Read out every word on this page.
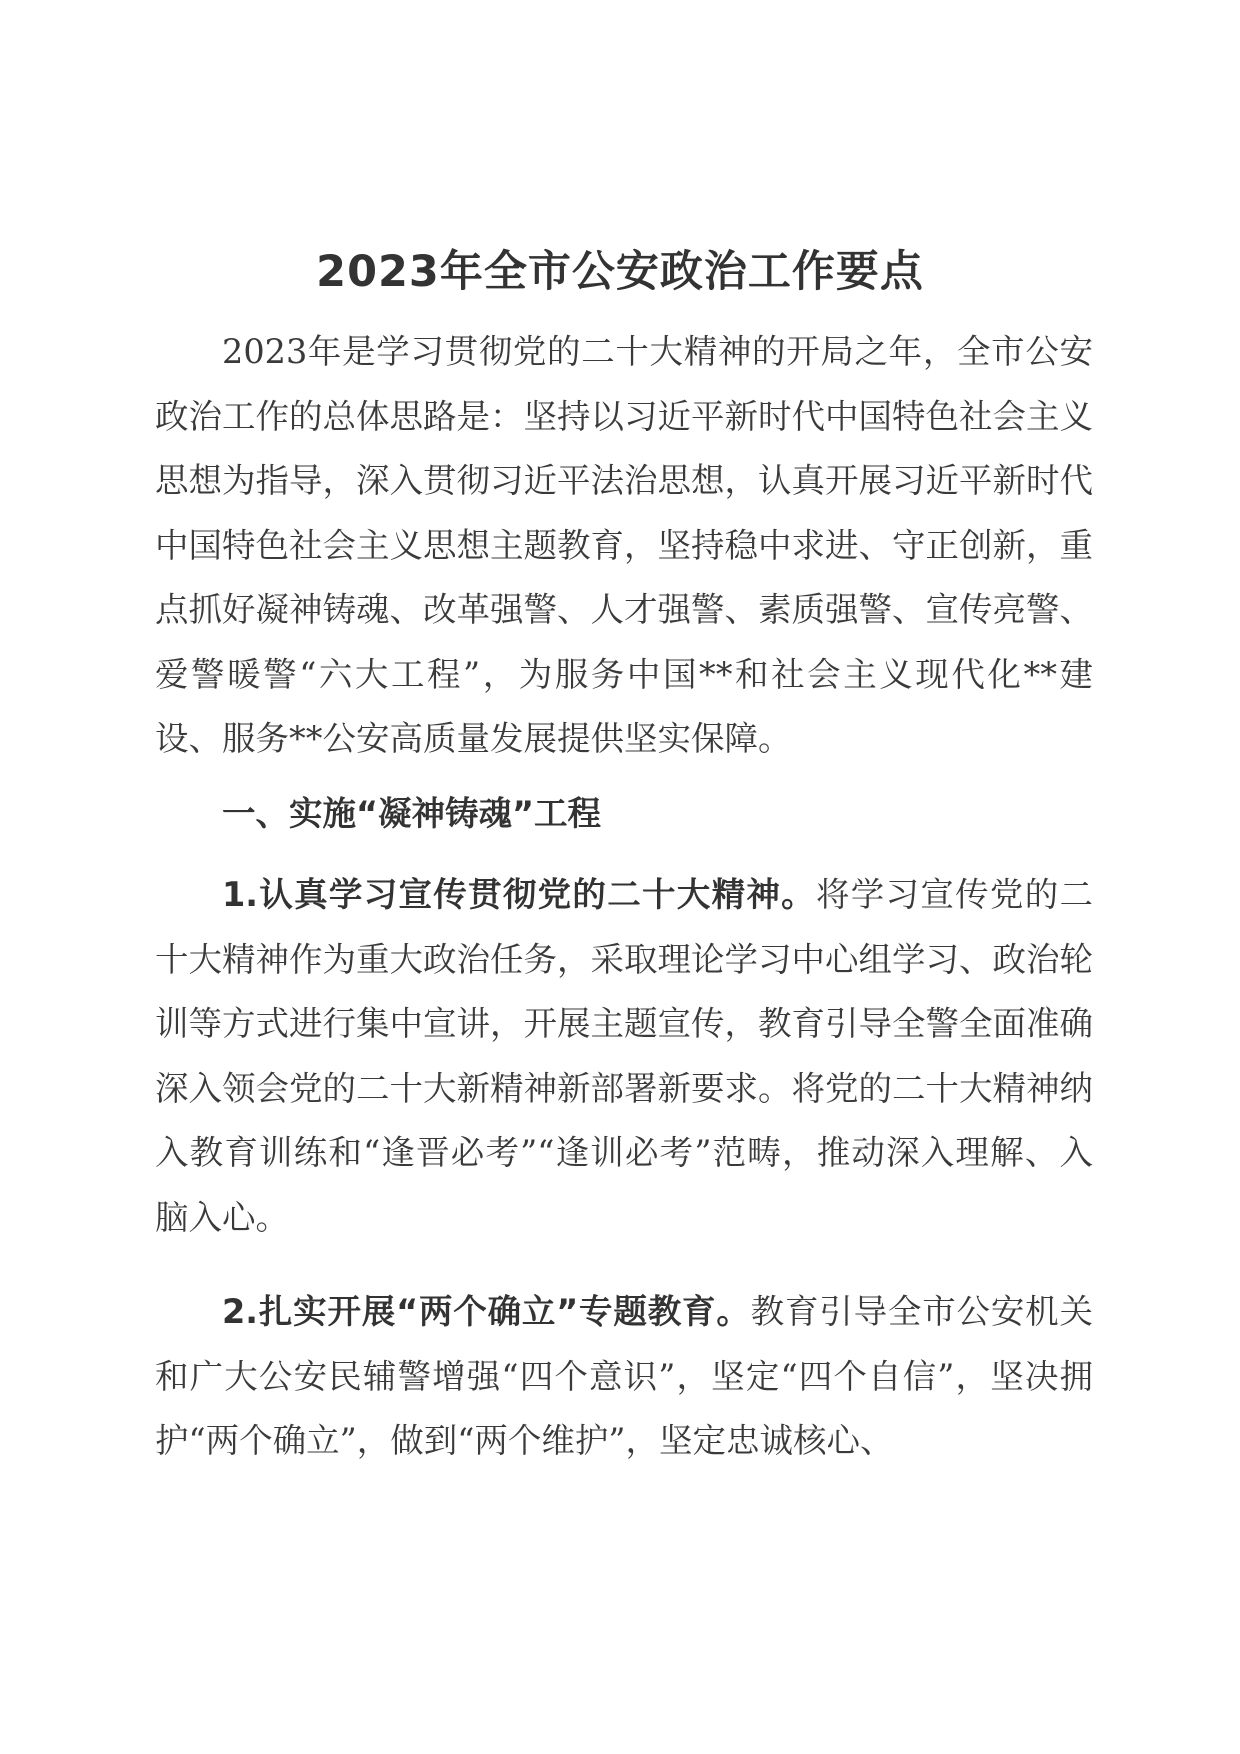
2023年全市公安政治工作要点

2023年是学习贯彻党的二十大精神的开局之年，全市公安政治工作的总体思路是：坚持以习近平新时代中国特色社会主义思想为指导，深入贯彻习近平法治思想，认真开展习近平新时代中国特色社会主义思想主题教育，坚持稳中求进、守正创新，重点抓好凝神铸魂、改革强警、人才强警、素质强警、宣传亮警、爱警暖警“六大工程”，为服务中国**和社会主义现代化**建设、服务**公安高质量发展提供坚实保障。

一、实施“凝神铸魂”工程

1.认真学习宣传贯彻党的二十大精神。将学习宣传党的二十大精神作为重大政治任务，采取理论学习中心组学习、政治轮训等方式进行集中宣讲，开展主题宣传，教育引导全警全面准确深入领会党的二十大新精神新部署新要求。将党的二十大精神纳入教育训练和“逢晋必考”“逢训必考”范畴，推动深入理解、入脑入心。

2.扎实开展“两个确立”专题教育。教育引导全市公安机关和广大公安民辅警增强“四个意识”，坚定“四个自信”，坚决拥护“两个确立”，做到“两个维护”，坚定忠诚核心、
